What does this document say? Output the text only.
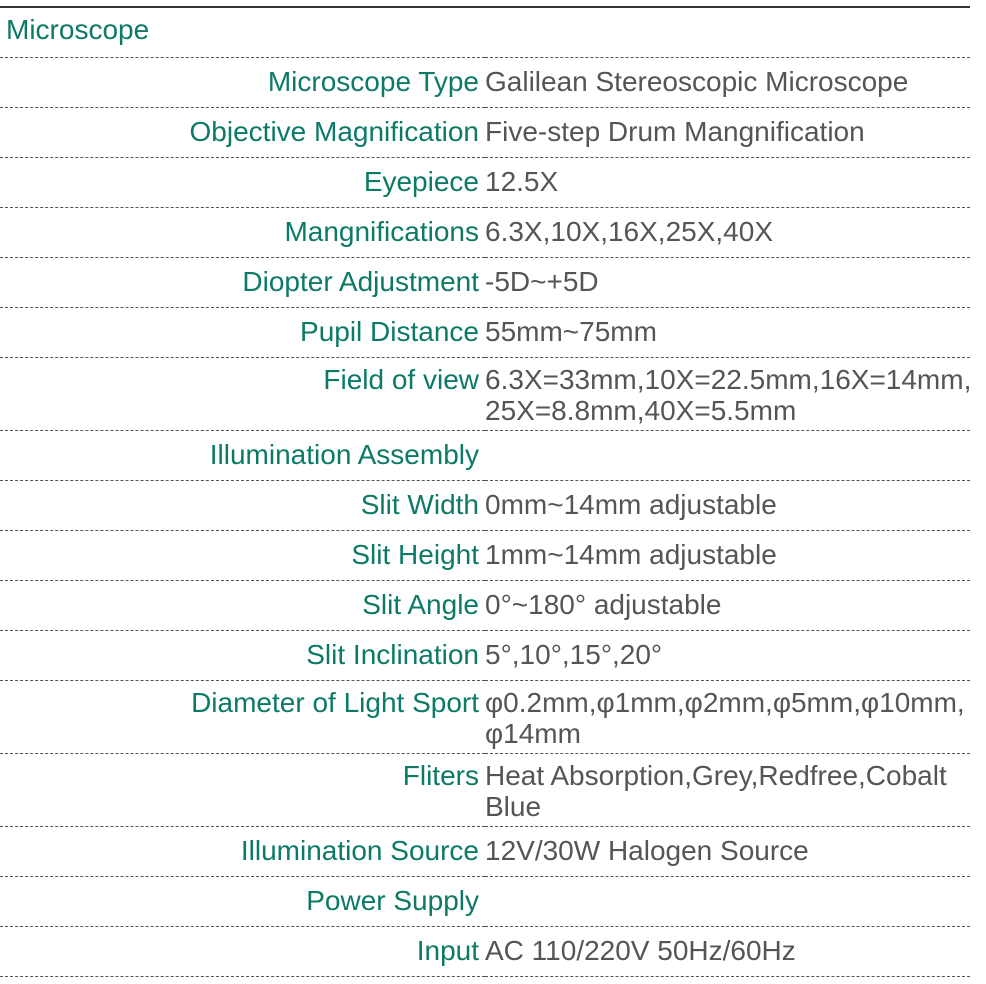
Microscope	

Microscope Type	Galilean Stereoscopic Microscope

Objective Magnification	Five-step Drum Mangnification

Eyepiece	12.5X

Mangnifications	6.3X,10X,16X,25X,40X

Diopter Adjustment	-5D~+5D

Pupil Distance	55mm~75mm

Field of view	6.3X=33mm,10X=22.5mm,16X=14mm, 25X=8.8mm,40X=5.5mm

Illumination Assembly	

Slit Width	0mm~14mm adjustable

Slit Height	1mm~14mm adjustable

Slit Angle	0°~180° adjustable

Slit Inclination	5°,10°,15°,20°

Diameter of Light Sport	φ0.2mm,φ1mm,φ2mm,φ5mm,φ10mm, φ14mm

Fliters	Heat Absorption,Grey,Redfree,Cobalt Blue

Illumination Source	12V/30W Halogen Source

Power Supply	

Input	AC 110/220V 50Hz/60Hz
